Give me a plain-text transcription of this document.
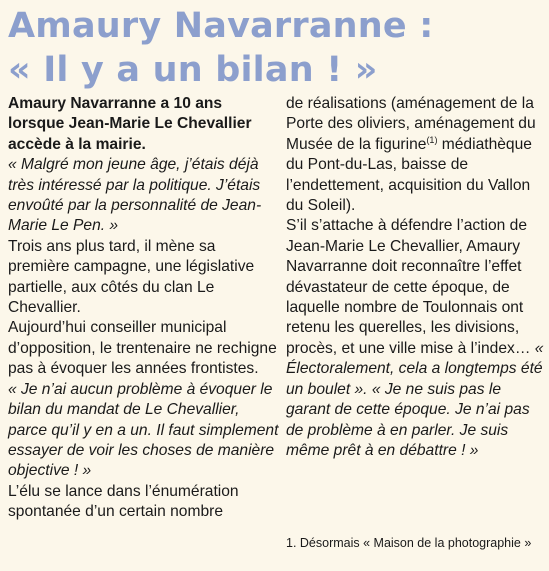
Amaury Navarranne :
« Il y a un bilan ! »

Amaury Navarranne a 10 ans lorsque Jean-Marie Le Chevallier accède à la mairie.

« Malgré mon jeune âge, j’étais déjà très intéressé par la politique. J’étais envoûté par la personnalité de Jean-Marie Le Pen. »

Trois ans plus tard, il mène sa première campagne, une législative partielle, aux côtés du clan Le Chevallier.

Aujourd’hui conseiller municipal d’opposition, le trentenaire ne rechigne pas à évoquer les années frontistes.

« Je n’ai aucun problème à évoquer le bilan du mandat de Le Chevallier, parce qu’il y en a un. Il faut simplement essayer de voir les choses de manière objective ! »

L’élu se lance dans l’énumération spontanée d’un certain nombre

de réalisations (aménagement de la Porte des oliviers, aménagement du Musée de la figurine$^{(1)}$ médiathèque du Pont-du-Las, baisse de l’endettement, acquisition du Vallon du Soleil).

S’il s’attache à défendre l’action de Jean-Marie Le Chevallier, Amaury Navarranne doit reconnaître l’effet dévastateur de cette époque, de laquelle nombre de Toulonnais ont retenu les querelles, les divisions, procès, et une ville mise à l’index… « Électoralement, cela a longtemps été un boulet ». « Je ne suis pas le garant de cette époque. Je n’ai pas de problème à en parler. Je suis même prêt à en débattre ! »

1. Désormais « Maison de la photographie »
